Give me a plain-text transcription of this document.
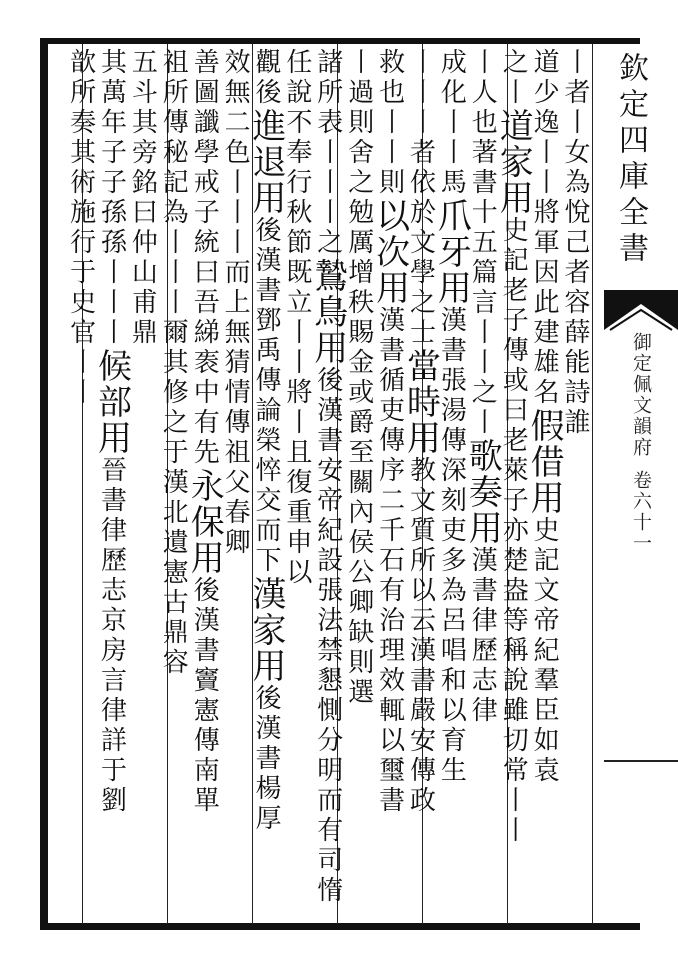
丨者丨女為悅己者容薛能詩誰
道少逸丨丨將軍因此建雄名假借用史記文帝紀羣臣如袁
之丨道家用史記老子傳或曰老萊子亦楚盎等稱說雖切常丨丨
丨人也著書十五篇言丨丨之丨歌奏用漢書律歷志律
成化丨丨馬爪牙用漢書張湯傳深刻吏多為呂唱和以育生
丨丨丨者依於文學之士當時用教文質所以云漢書嚴安傳政
救也丨丨則以次用漢書循吏傳序二千石有治理效輒以璽書
丨過則舍之勉厲增秩賜金或爵至關內侯公卿缺則選
諸所表丨丨丨之鷙鳥用後漢書安帝紀設張法禁懇惻分明而有司惰
任說不奉行秋節既立丨丨將丨且復重申以
觀後進退用後漢書鄧禹傳論榮悴交而下漢家用後漢書楊厚
效無二色丨丨丨而上無猜情傳祖父春卿
善圖讖學戒子統曰吾綈袠中有先永保用後漢書竇憲傳南單
祖所傳秘記為丨丨丨爾其修之于漢北遺憲古鼎容
五斗其旁銘曰仲山甫鼎
其萬年子子孫孫丨丨丨候部用晉書律歷志京房言律詳于劉
歆所奏其術施行于史官丨丨	欽定四庫全書
御定佩文韻府
卷六十一
